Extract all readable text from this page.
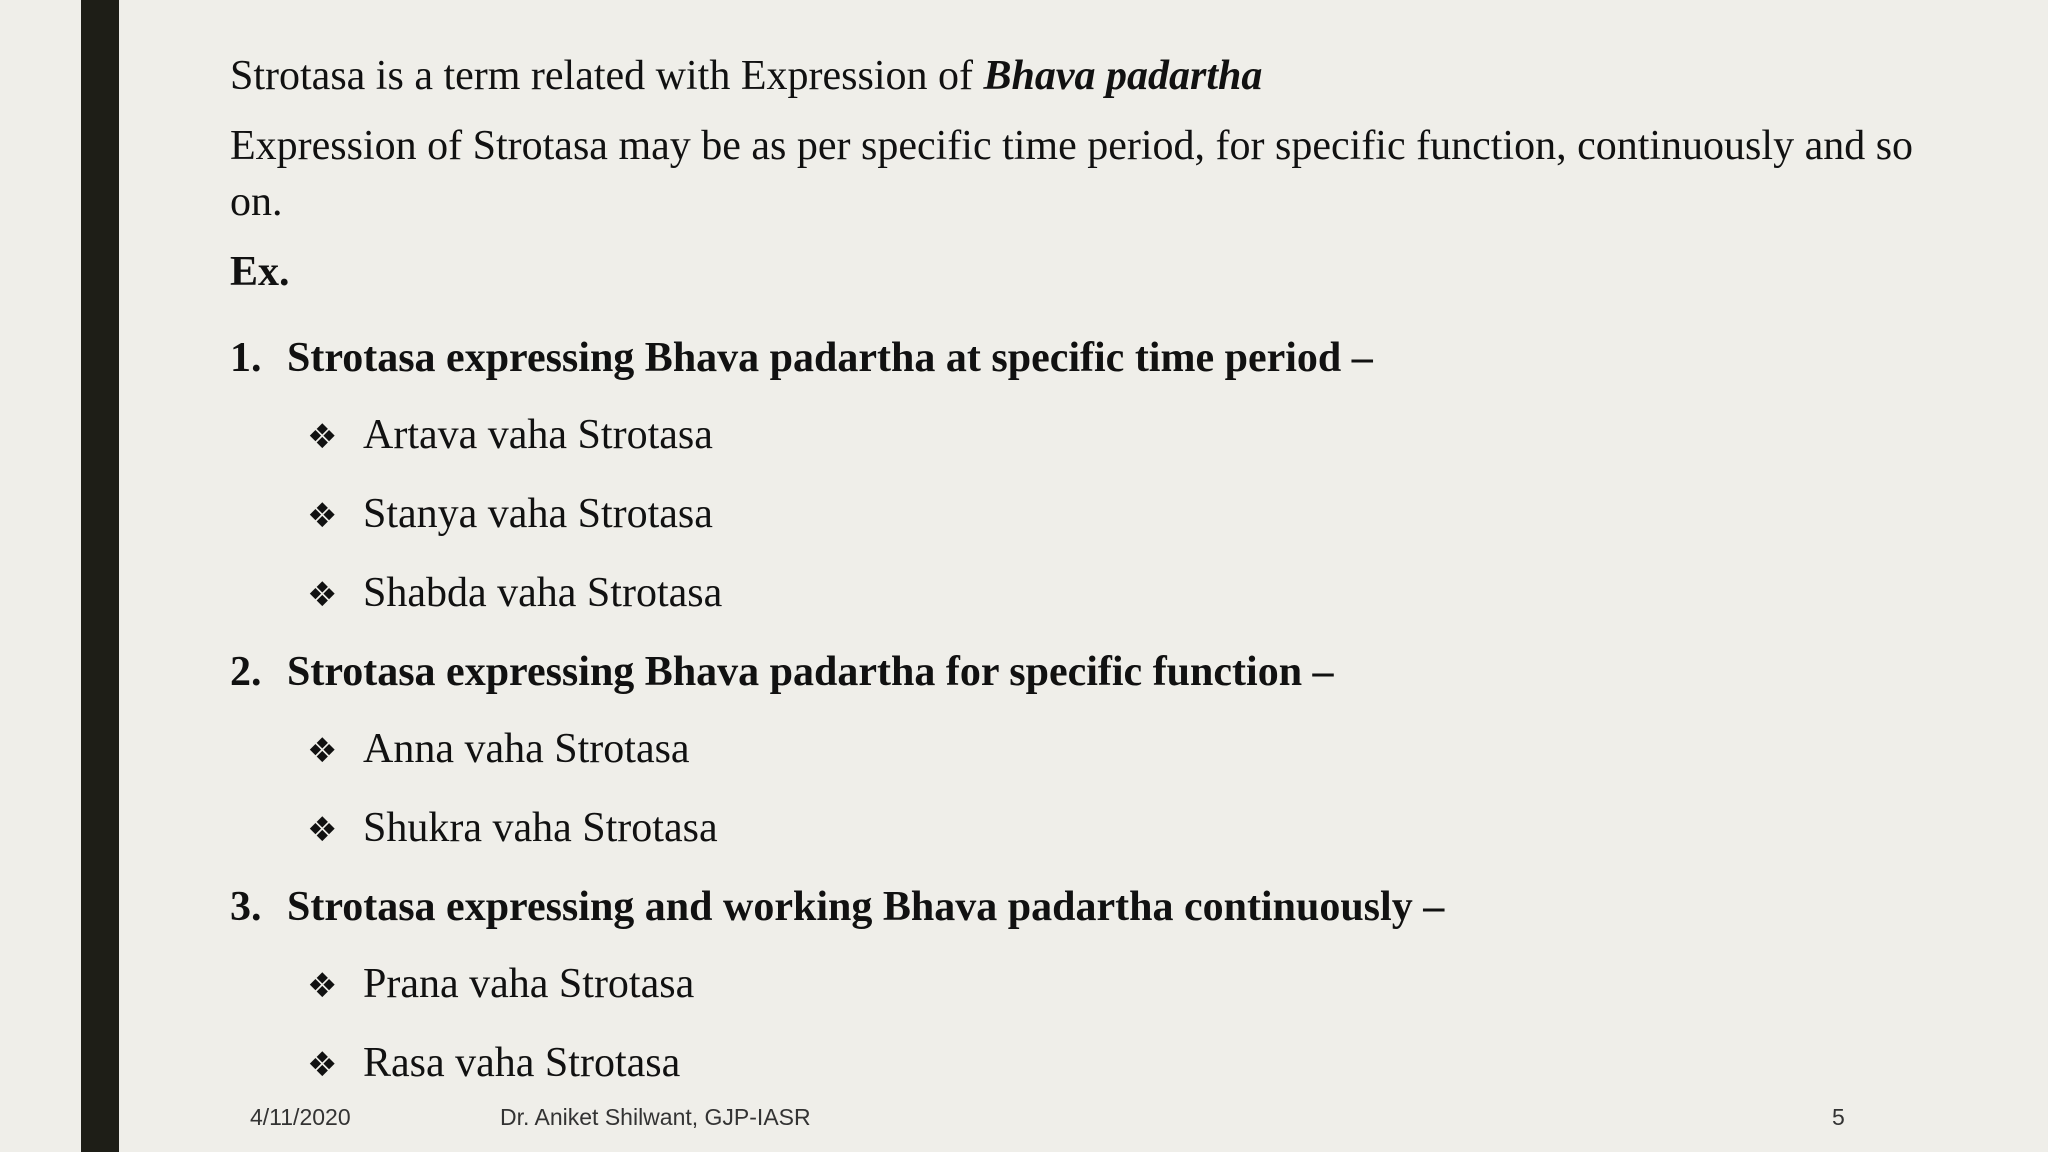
Strotasa is a term related with Expression of Bhava padartha

Expression of Strotasa may be as per specific time period, for specific function, continuously and so on.

Ex.

1. Strotasa expressing Bhava padartha at specific time period –
❖ Artava vaha Strotasa
❖ Stanya vaha Strotasa
❖ Shabda vaha Strotasa
2. Strotasa expressing Bhava padartha for specific function –
❖ Anna vaha Strotasa
❖ Shukra vaha Strotasa
3. Strotasa expressing and working Bhava padartha continuously –
❖ Prana vaha Strotasa
❖ Rasa vaha Strotasa
4/11/2020	Dr. Aniket Shilwant, GJP-IASR	5
